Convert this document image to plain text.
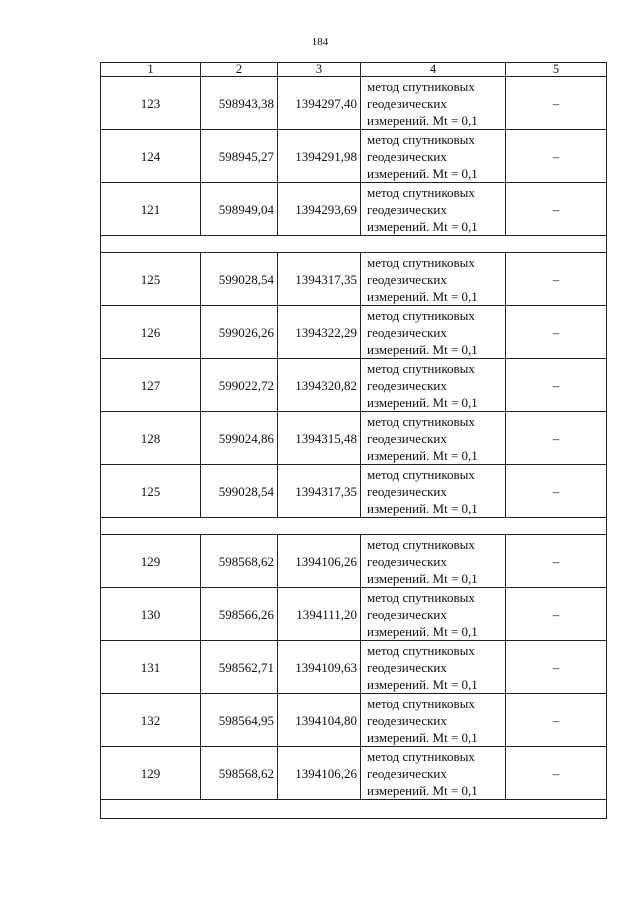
184
1	2	3	4	5
123	598943,38	1394297,40	метод спутниковых
геодезических
измерений. Mt = 0,1	–
124	598945,27	1394291,98	метод спутниковых
геодезических
измерений. Mt = 0,1	–
121	598949,04	1394293,69	метод спутниковых
геодезических
измерений. Mt = 0,1	–

125	599028,54	1394317,35	метод спутниковых
геодезических
измерений. Mt = 0,1	–
126	599026,26	1394322,29	метод спутниковых
геодезических
измерений. Mt = 0,1	–
127	599022,72	1394320,82	метод спутниковых
геодезических
измерений. Mt = 0,1	–
128	599024,86	1394315,48	метод спутниковых
геодезических
измерений. Mt = 0,1	–
125	599028,54	1394317,35	метод спутниковых
геодезических
измерений. Mt = 0,1	–

129	598568,62	1394106,26	метод спутниковых
геодезических
измерений. Mt = 0,1	–
130	598566,26	1394111,20	метод спутниковых
геодезических
измерений. Mt = 0,1	–
131	598562,71	1394109,63	метод спутниковых
геодезических
измерений. Mt = 0,1	–
132	598564,95	1394104,80	метод спутниковых
геодезических
измерений. Mt = 0,1	–
129	598568,62	1394106,26	метод спутниковых
геодезических
измерений. Mt = 0,1	–
